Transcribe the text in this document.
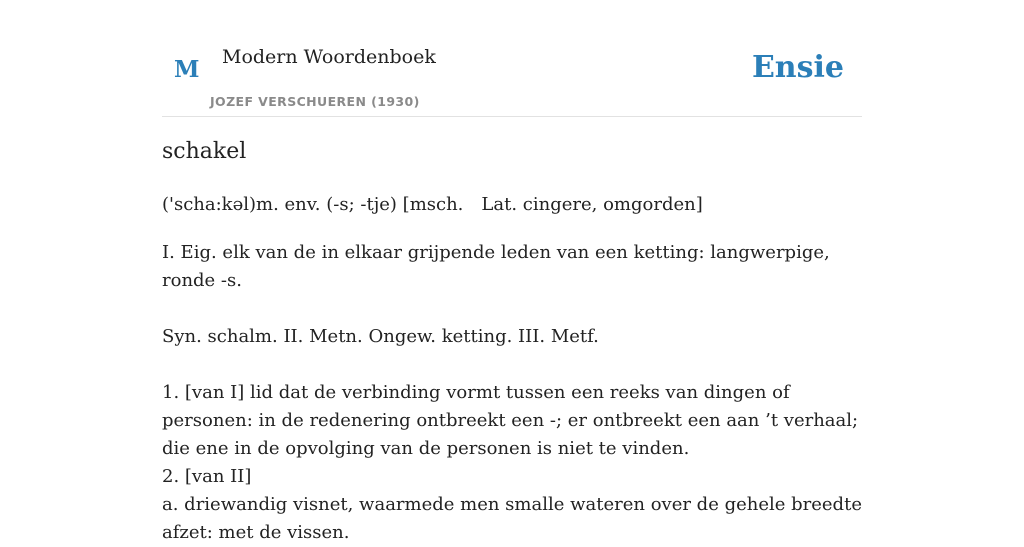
M Modern Woordenboek
JOZEF VERSCHUEREN (1930)
Ensie
schakel
('scha:kəl)m. env. (-s; -tje) [msch. Lat. cingere, omgorden]

I. Eig. elk van de in elkaar grijpende leden van een ketting: langwerpige, ronde -s.

Syn. schalm. II. Metn. Ongew. ketting. III. Metf.

1. [van I] lid dat de verbinding vormt tussen een reeks van dingen of personen: in de redenering ontbreekt een -; er ontbreekt een aan ’t verhaal; die ene in de opvolging van de personen is niet te vinden.

2. [van II]

a. driewandig visnet, waarmede men smalle wateren over de gehele breedte afzet: met de vissen.
